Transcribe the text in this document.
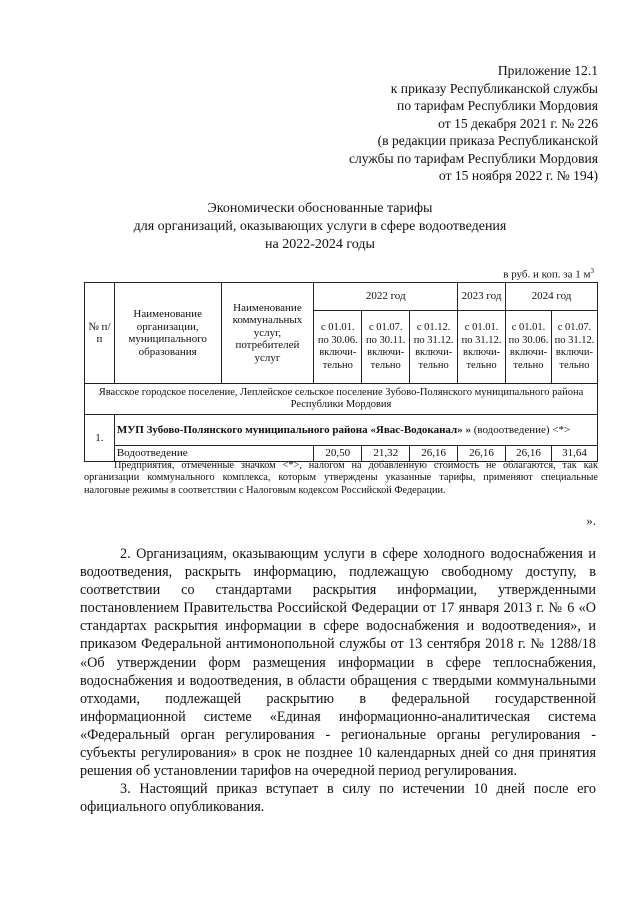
Приложение 12.1
к приказу Республиканской службы
по тарифам Республики Мордовия
от 15 декабря 2021 г. № 226
(в редакции приказа Республиканской
службы по тарифам Республики Мордовия
от 15 ноября 2022 г. № 194)
Экономически обоснованные тарифы
для организаций, оказывающих услуги в сфере водоотведения
на 2022-2024 годы
в руб. и коп. за 1 $м^3$
№ п/п	Наименование организации, муниципального образования	Наименование коммунальных услуг, потребителей услуг	2022 год			2023 год	2024 год	
			с 01.01. по 30.06. включи-тельно	с 01.07. по 30.11. включи-тельно	с 01.12. по 31.12. включи-тельно	с 01.01. по 31.12. включи-тельно	с 01.01. по 30.06. включи-тельно	с 01.07. по 31.12. включи-тельно
Явасское городское поселение, Леплейское сельское поселение Зубово-Полянского муниципального района Республики Мордовия								
1.	МУП Зубово-Полянского муниципального района «Явас-Водоканал» » (водоотведение) <*>							
	Водоотведение		20,50	21,32	26,16	26,16	26,16	31,64
Предприятия, отмеченные значком <*>, налогом на добавленную стоимость не облагаются, так как организации коммунального комплекса, которым утверждены указанные тарифы, применяют специальные налоговые режимы в соответствии с Налоговым кодексом Российской Федерации.
».

2. Организациям, оказывающим услуги в сфере холодного водоснабжения и водоотведения, раскрыть информацию, подлежащую свободному доступу, в соответствии со стандартами раскрытия информации, утвержденными постановлением Правительства Российской Федерации от 17 января 2013 г. № 6 «О стандартах раскрытия информации в сфере водоснабжения и водоотведения», и приказом Федеральной антимонопольной службы от 13 сентября 2018 г. № 1288/18 «Об утверждении форм размещения информации в сфере теплоснабжения, водоснабжения и водоотведения, в области обращения с твердыми коммунальными отходами, подлежащей раскрытию в федеральной государственной информационной системе «Единая информационно-аналитическая система «Федеральный орган регулирования - региональные органы регулирования - субъекты регулирования» в срок не позднее 10 календарных дней со дня принятия решения об установлении тарифов на очередной период регулирования.

3. Настоящий приказ вступает в силу по истечении 10 дней после его официального опубликования.
